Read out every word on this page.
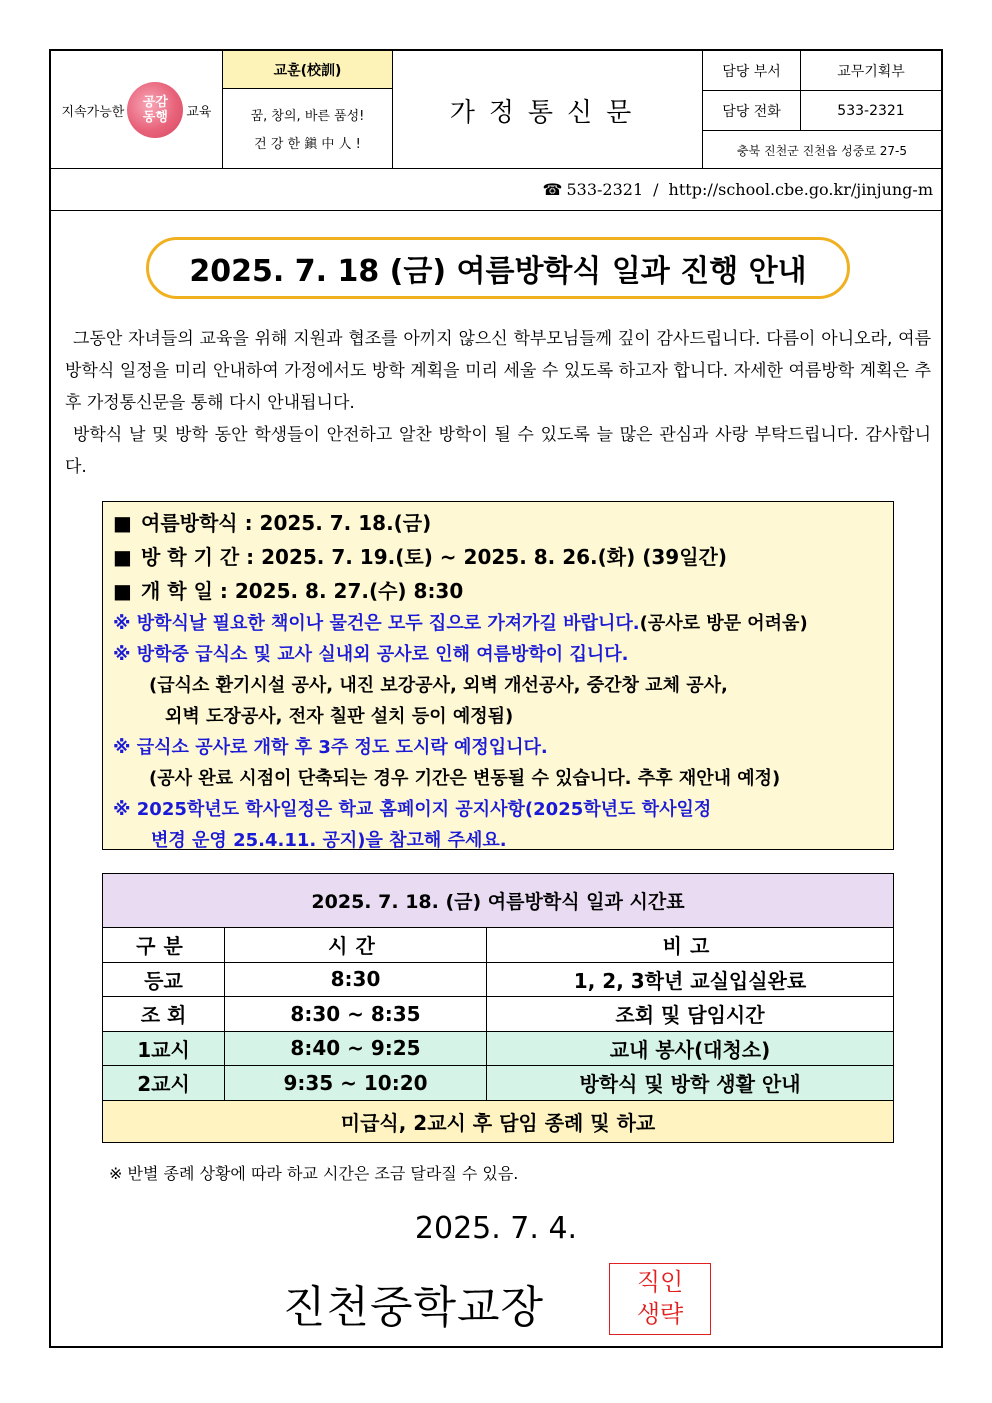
지속가능한
공감
동행 교육
교훈(校訓)
꿈, 창의, 바른 품성!
건 강 한 鎭 中 人 !
가정통신문
담당 부서	교무기획부
담당 전화	533-2321
충북 진천군 진천읍 성중로 27-5
☎ 533-2321 / http://school.cbe.go.kr/jinjung-m
2025. 7. 18 (금) 여름방학식 일과 진행 안내

그동안 자녀들의 교육을 위해 지원과 협조를 아끼지 않으신 학부모님들께 깊이 감사드립니다. 다름이 아니오라, 여름방학식 일정을 미리 안내하여 가정에서도 방학 계획을 미리 세울 수 있도록 하고자 합니다. 자세한 여름방학 계획은 추후 가정통신문을 통해 다시 안내됩니다.

방학식 날 및 방학 동안 학생들이 안전하고 알찬 방학이 될 수 있도록 늘 많은 관심과 사랑 부탁드립니다. 감사합니다.

■ 여름방학식 : 2025. 7. 18.(금)
■ 방 학 기 간 : 2025. 7. 19.(토) ~ 2025. 8. 26.(화) (39일간)
■ 개 학 일 : 2025. 8. 27.(수) 8:30
※ 방학식날 필요한 책이나 물건은 모두 집으로 가져가길 바랍니다.(공사로 방문 어려움)
※ 방학중 급식소 및 교사 실내외 공사로 인해 여름방학이 깁니다.
(급식소 환기시설 공사, 내진 보강공사, 외벽 개선공사, 중간창 교체 공사,
외벽 도장공사, 전자 칠판 설치 등이 예정됨)
※ 급식소 공사로 개학 후 3주 정도 도시락 예정입니다.
(공사 완료 시점이 단축되는 경우 기간은 변동될 수 있습니다. 추후 재안내 예정)
※ 2025학년도 학사일정은 학교 홈페이지 공지사항(2025학년도 학사일정
변경 운영 25.4.11. 공지)을 참고해 주세요.
2025. 7. 18. (금) 여름방학식 일과 시간표		
구분	시간	비고
등교	8:30	1, 2, 3학년 교실입실완료
조 회	8:30 ~ 8:35	조회 및 담임시간
1교시	8:40 ~ 9:25	교내 봉사(대청소)
2교시	9:35 ~ 10:20	방학식 및 방학 생활 안내
미급식, 2교시 후 담임 종례 및 하교		
※ 반별 종례 상황에 따라 하교 시간은 조금 달라질 수 있음.
2025. 7. 4.
진천중학교장	직인
생략
